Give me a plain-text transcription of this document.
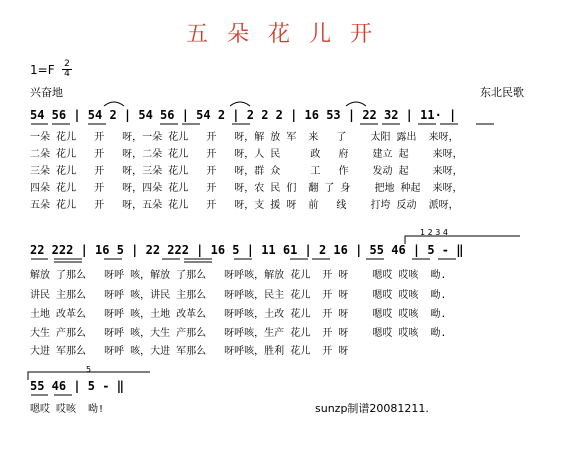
五 朵 花 儿 开
1=F 2
4
兴奋地	东北民歌
54 56 | 54 2 | 54 56 | 54 2 | 2 2 2 | 16 53 | 22 32 | 11· |
一朵 花儿   开   呀，一朵 花儿   开   呀，解 放 军  来   了    太阳 露出  来呀，
二朵 花儿   开   呀，二朵 花儿   开   呀，人 民     政   府    建立 起    来呀，
三朵 花儿   开   呀，三朵 花儿   开   呀，群 众     工   作    发动 起    来呀，
四朵 花儿   开   呀，四朵 花儿   开   呀，农 民 们  翻 了 身    把地 种起  来呀，
五朵 花儿   开   呀，五朵 花儿   开   呀，支 援 呀  前   线    打垮 反动  派呀，
1 2 3 4
22 222 | 16 5 | 22 222 | 16 5 | 11 61 | 2 16 | 55 46 | 5 - ‖
解放 了那么   呀呼 咳，解放 了那么   呀呼咳，解放 花儿  开 呀    嗯哎 哎咳  呦.
讲民 主那么   呀呼 咳，讲民 主那么   呀呼咳，民主 花儿  开 呀    嗯哎 哎咳  呦.
土地 改革么   呀呼 咳，土地 改革么   呀呼咳，土改 花儿  开 呀    嗯哎 哎咳  呦.
大生 产那么   呀呼 咳，大生 产那么   呀呼咳，生产 花儿  开 呀    嗯哎 哎咳  呦.
大进 军那么   呀呼 咳，大进 军那么   呀呼咳，胜利 花儿  开 呀
5
55 46 | 5 - ‖
嗯哎 哎咳  呦!	sunzp制谱20081211.
